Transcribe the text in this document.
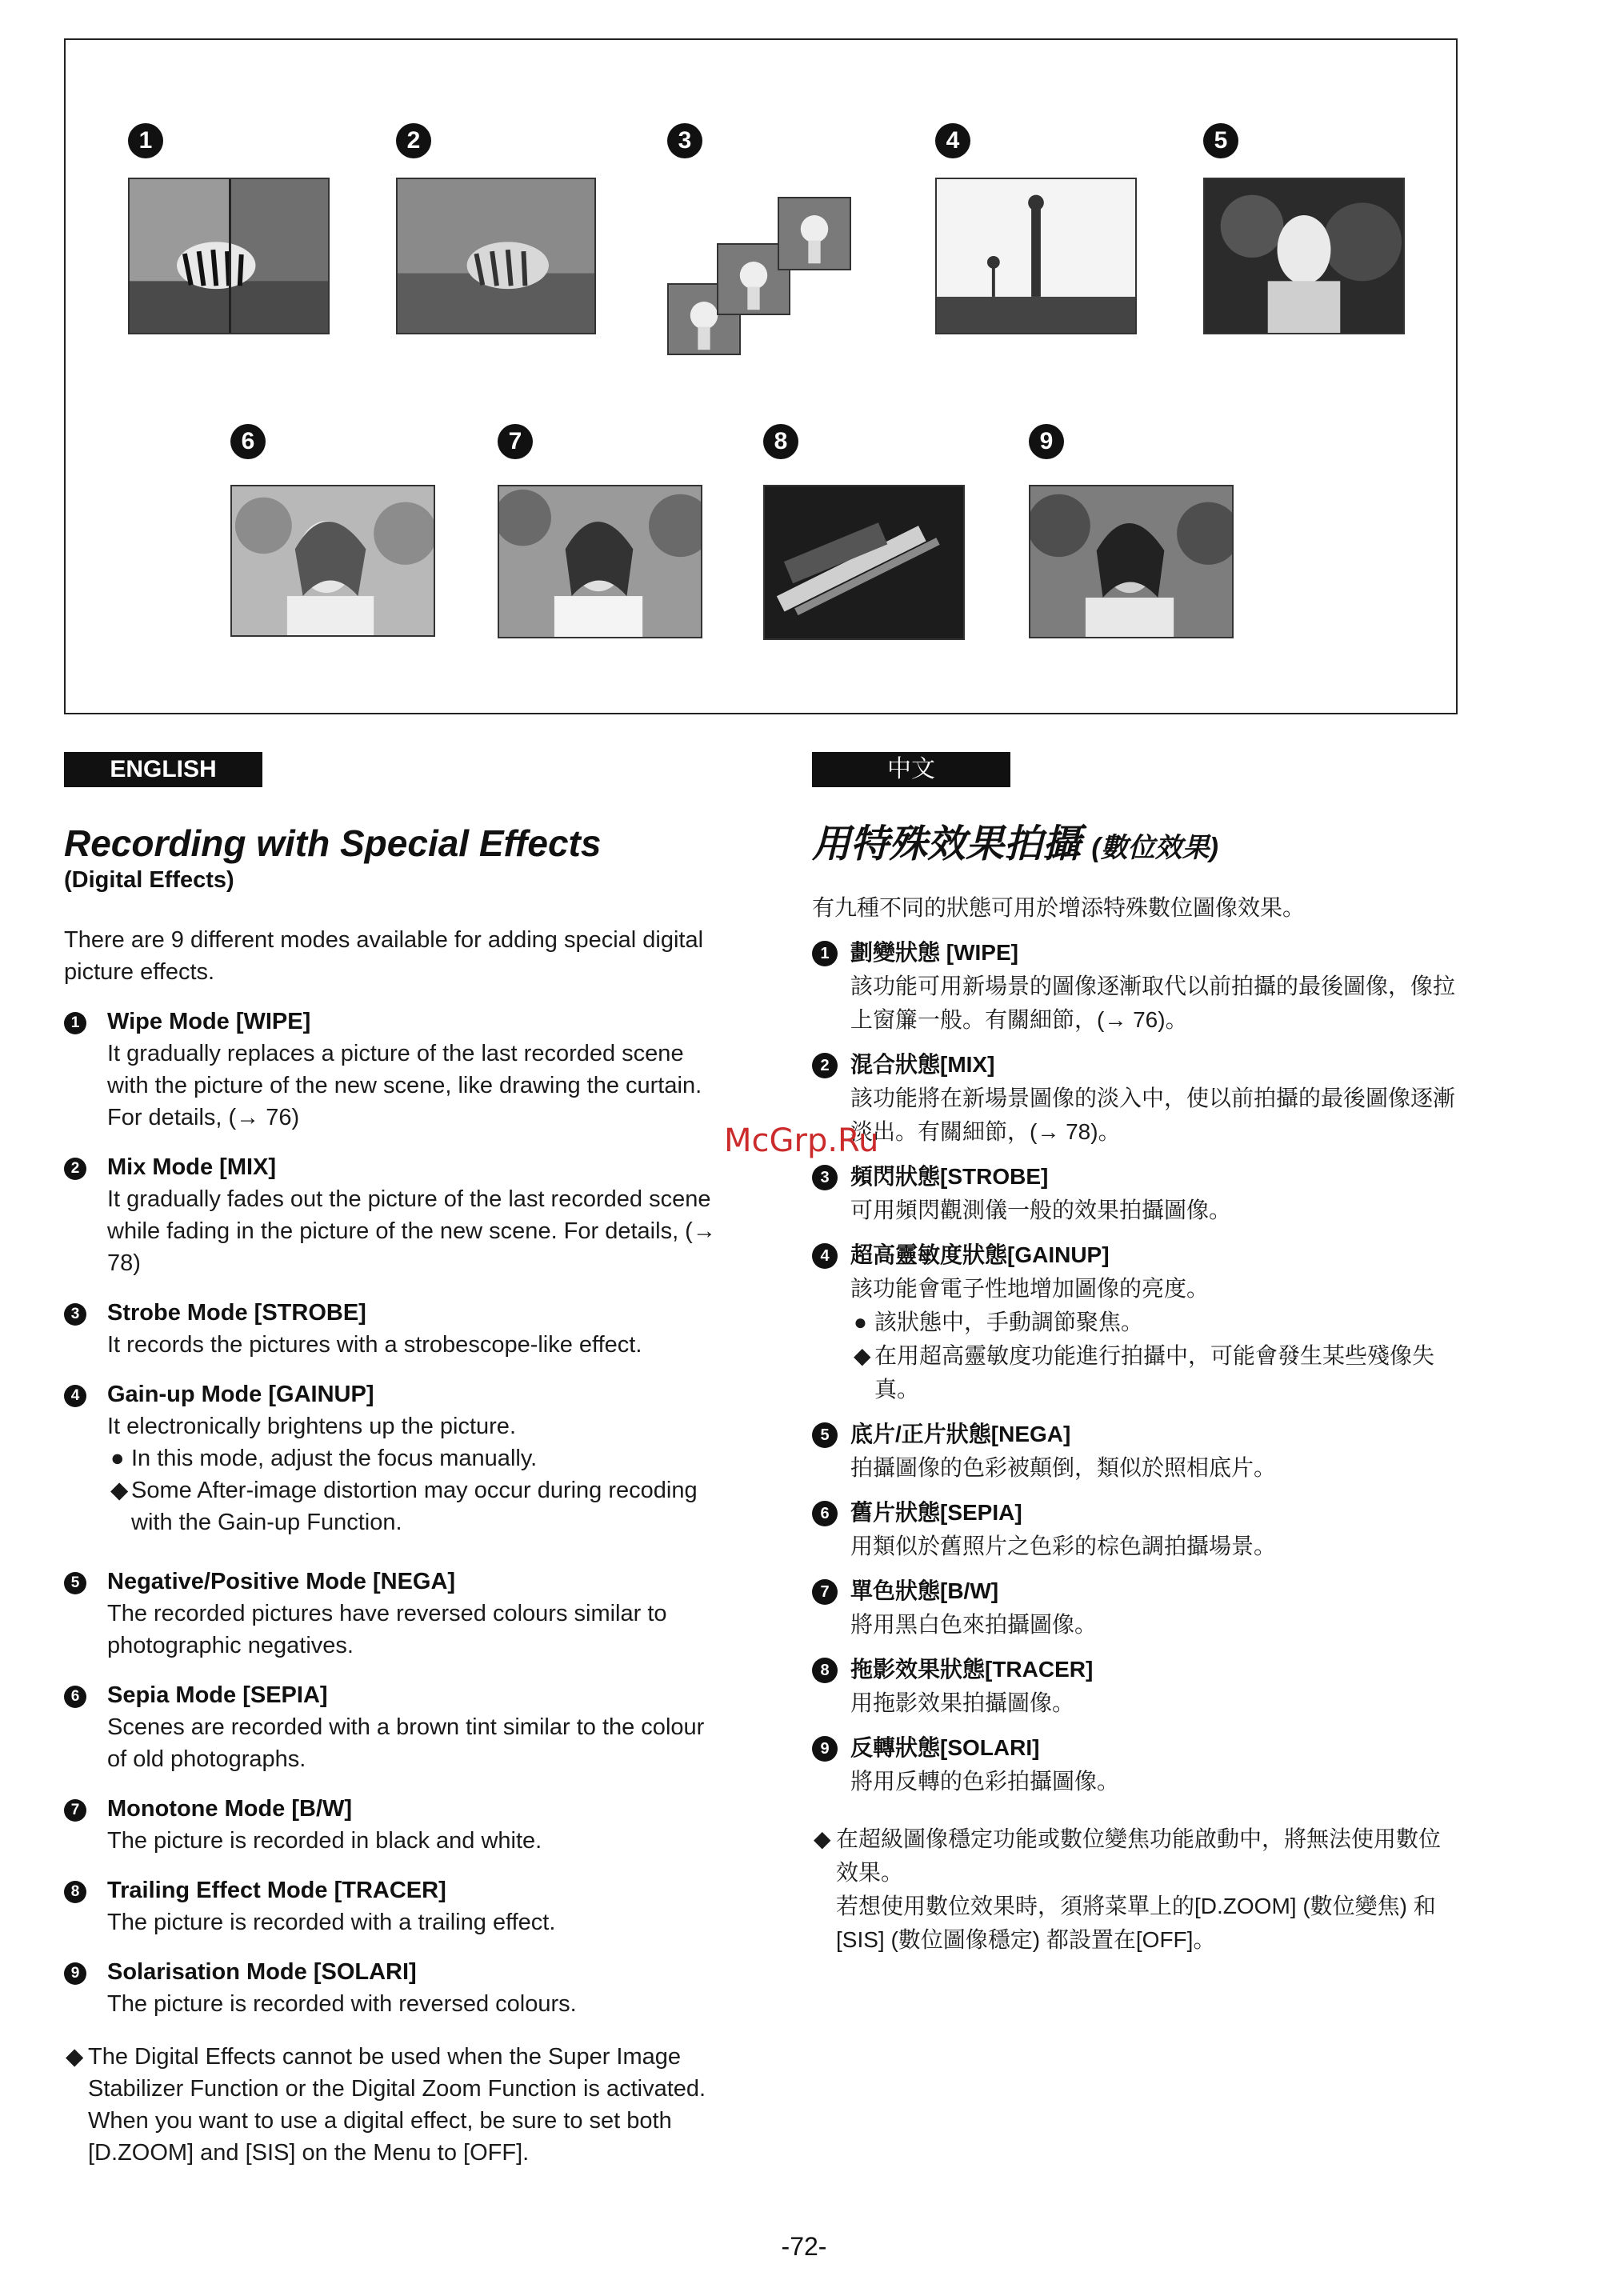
1	2	3	4	5
6	7	8	9
ENGLISH
Recording with Special Effects
(Digital Effects)
There are 9 different modes available for adding special digital picture effects.
1	Wipe Mode [WIPE]
It gradually replaces a picture of the last recorded scene with the picture of the new scene, like drawing the curtain. For details, (→ 76)
2	Mix Mode [MIX]
It gradually fades out the picture of the last recorded scene while fading in the picture of the new scene. For details, (→ 78)
3	Strobe Mode [STROBE]
It records the pictures with a strobescope-like effect.
4	Gain-up Mode [GAINUP]
It electronically brightens up the picture.
● In this mode, adjust the focus manually.
◆ Some After-image distortion may occur during recoding with the Gain-up Function.
5	Negative/Positive Mode [NEGA]
The recorded pictures have reversed colours similar to photographic negatives.
6	Sepia Mode [SEPIA]
Scenes are recorded with a brown tint similar to the colour of old photographs.
7	Monotone Mode [B/W]
The picture is recorded in black and white.
8	Trailing Effect Mode [TRACER]
The picture is recorded with a trailing effect.
9	Solarisation Mode [SOLARI]
The picture is recorded with reversed colours.
◆ The Digital Effects cannot be used when the Super Image Stabilizer Function or the Digital Zoom Function is activated.
When you want to use a digital effect, be sure to set both [D.ZOOM] and [SIS] on the Menu to [OFF].
中文
用特殊效果拍攝 (數位效果)
有九種不同的狀態可用於增添特殊數位圖像效果。
1 劃變狀態 [WIPE]
該功能可用新場景的圖像逐漸取代以前拍攝的最後圖像，像拉上窗簾一般。有關細節，(→ 76)。
2 混合狀態[MIX]
該功能將在新場景圖像的淡入中，使以前拍攝的最後圖像逐漸淡出。有關細節，(→ 78)。
3 頻閃狀態[STROBE]
可用頻閃觀測儀一般的效果拍攝圖像。
4 超高靈敏度狀態[GAINUP]
該功能會電子性地增加圖像的亮度。
● 該狀態中，手動調節聚焦。
◆ 在用超高靈敏度功能進行拍攝中，可能會發生某些殘像失真。
5 底片/正片狀態[NEGA]
拍攝圖像的色彩被顛倒，類似於照相底片。
6 舊片狀態[SEPIA]
用類似於舊照片之色彩的棕色調拍攝場景。
7 單色狀態[B/W]
將用黑白色來拍攝圖像。
8 拖影效果狀態[TRACER]
用拖影效果拍攝圖像。
9 反轉狀態[SOLARI]
將用反轉的色彩拍攝圖像。
◆ 在超級圖像穩定功能或數位變焦功能啟動中，將無法使用數位效果。
若想使用數位效果時，須將菜單上的[D.ZOOM] (數位變焦) 和[SIS] (數位圖像穩定) 都設置在[OFF]。
McGrp.Ru
-72-
